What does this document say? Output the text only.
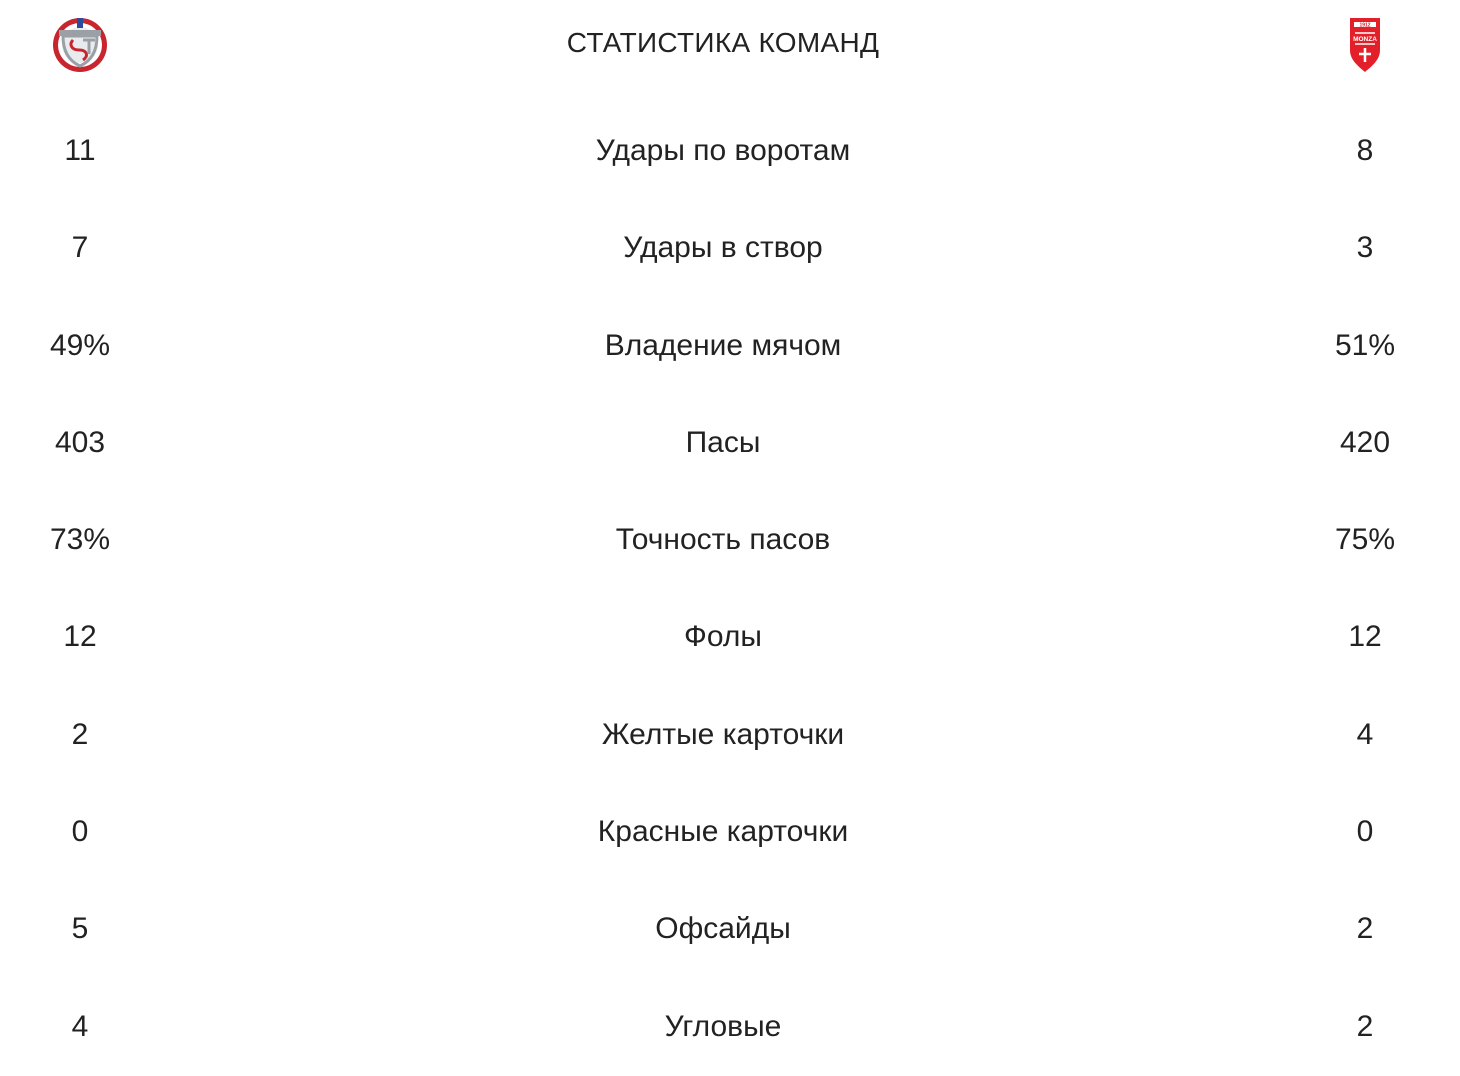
СТАТИСТИКА КОМАНД
1912
MONZA
11	Удары по воротам	8
7	Удары в створ	3
49%	Владение мячом	51%
403	Пасы	420
73%	Точность пасов	75%
12	Фолы	12
2	Желтые карточки	4
0	Красные карточки	0
5	Офсайды	2
4	Угловые	2
